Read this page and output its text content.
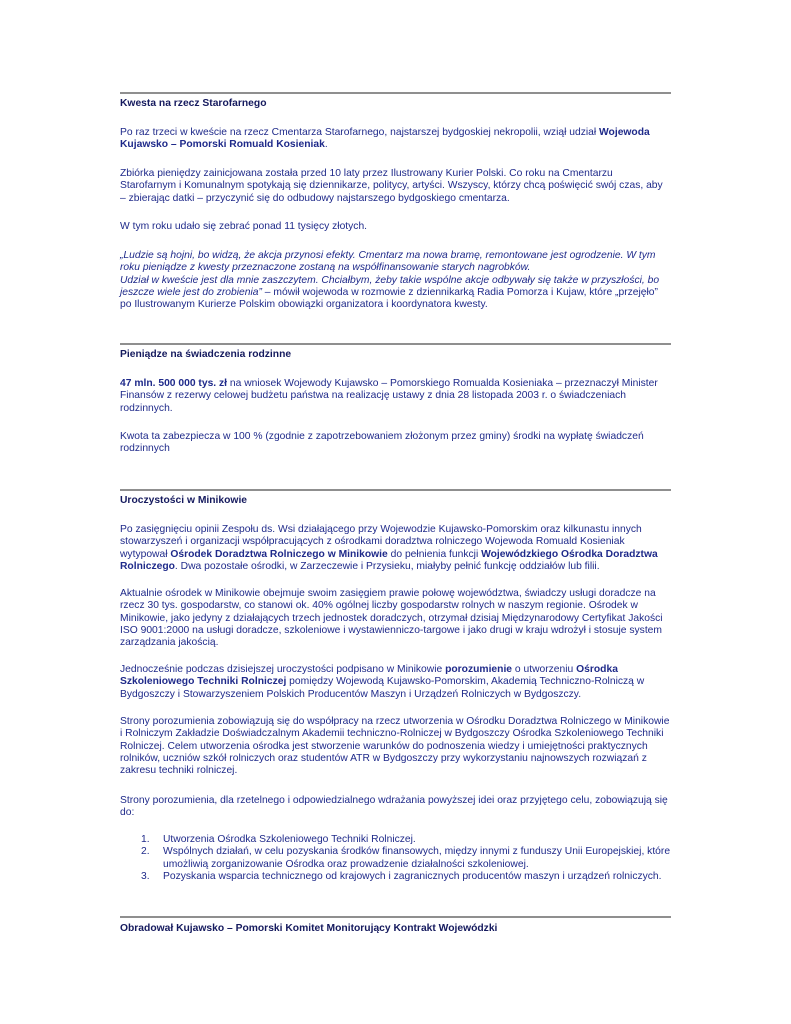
Kwesta na rzecz Starofarnego

Po raz trzeci w kweście na rzecz Cmentarza Starofarnego, najstarszej bydgoskiej nekropolii, wziął udział Wojewoda Kujawsko – Pomorski Romuald Kosieniak.

Zbiórka pieniędzy zainicjowana została przed 10 laty przez Ilustrowany Kurier Polski. Co roku na Cmentarzu Starofarnym i Komunalnym spotykają się dziennikarze, politycy, artyści. Wszyscy, którzy chcą poświęcić swój czas, aby – zbierając datki – przyczynić się do odbudowy najstarszego bydgoskiego cmentarza.

W tym roku udało się zebrać ponad 11 tysięcy złotych.

„Ludzie są hojni, bo widzą, że akcja przynosi efekty. Cmentarz ma nowa bramę, remontowane jest ogrodzenie. W tym roku pieniądze z kwesty przeznaczone zostaną na współfinansowanie starych nagrobków.
Udział w kweście jest dla mnie zaszczytem. Chciałbym, żeby takie wspólne akcje odbywały się także w przyszłości, bo jeszcze wiele jest do zrobienia” – mówił wojewoda w rozmowie z dziennikarką Radia Pomorza i Kujaw, które „przejęło” po Ilustrowanym Kurierze Polskim obowiązki organizatora i koordynatora kwesty.

Pieniądze na świadczenia rodzinne

47 mln. 500 000 tys. zł na wniosek Wojewody Kujawsko – Pomorskiego Romualda Kosieniaka – przeznaczył Minister Finansów z rezerwy celowej budżetu państwa na realizację ustawy z dnia 28 listopada 2003 r. o świadczeniach rodzinnych.

Kwota ta zabezpiecza w 100 % (zgodnie z zapotrzebowaniem złożonym przez gminy) środki na wypłatę świadczeń rodzinnych

Uroczystości w Minikowie

Po zasięgnięciu opinii Zespołu ds. Wsi działającego przy Wojewodzie Kujawsko-Pomorskim oraz kilkunastu innych stowarzyszeń i organizacji współpracujących z ośrodkami doradztwa rolniczego Wojewoda Romuald Kosieniak wytypował Ośrodek Doradztwa Rolniczego w Minikowie do pełnienia funkcji Wojewódzkiego Ośrodka Doradztwa Rolniczego. Dwa pozostałe ośrodki, w Zarzeczewie i Przysieku, miałyby pełnić funkcję oddziałów lub filii.

Aktualnie ośrodek w Minikowie obejmuje swoim zasięgiem prawie połowę województwa, świadczy usługi doradcze na rzecz 30 tys. gospodarstw, co stanowi ok. 40% ogólnej liczby gospodarstw rolnych w naszym regionie. Ośrodek w Minikowie, jako jedyny z działających trzech jednostek doradczych, otrzymał dzisiaj Międzynarodowy Certyfikat Jakości ISO 9001:2000 na usługi doradcze, szkoleniowe i wystawienniczo-targowe i jako drugi w kraju wdrożył i stosuje system zarządzania jakością.

Jednocześnie podczas dzisiejszej uroczystości podpisano w Minikowie porozumienie o utworzeniu Ośrodka Szkoleniowego Techniki Rolniczej pomiędzy Wojewodą Kujawsko-Pomorskim, Akademią Techniczno-Rolniczą w Bydgoszczy i Stowarzyszeniem Polskich Producentów Maszyn i Urządzeń Rolniczych w Bydgoszczy.

Strony porozumienia zobowiązują się do współpracy na rzecz utworzenia w Ośrodku Doradztwa Rolniczego w Minikowie i Rolniczym Zakładzie Doświadczalnym Akademii techniczno-Rolniczej w Bydgoszczy Ośrodka Szkoleniowego Techniki Rolniczej. Celem utworzenia ośrodka jest stworzenie warunków do podnoszenia wiedzy i umiejętności praktycznych rolników, uczniów szkół rolniczych oraz studentów ATR w Bydgoszczy przy wykorzystaniu najnowszych rozwiązań z zakresu techniki rolniczej.

Strony porozumienia, dla rzetelnego i odpowiedzialnego wdrażania powyższej idei oraz przyjętego celu, zobowiązują się do:

1. Utworzenia Ośrodka Szkoleniowego Techniki Rolniczej.
2. Wspólnych działań, w celu pozyskania środków finansowych, między innymi z funduszy Unii Europejskiej, które umożliwią zorganizowanie Ośrodka oraz prowadzenie działalności szkoleniowej.
3. Pozyskania wsparcia technicznego od krajowych i zagranicznych producentów maszyn i urządzeń rolniczych.
Obradował Kujawsko – Pomorski Komitet Monitorujący Kontrakt Wojewódzki
